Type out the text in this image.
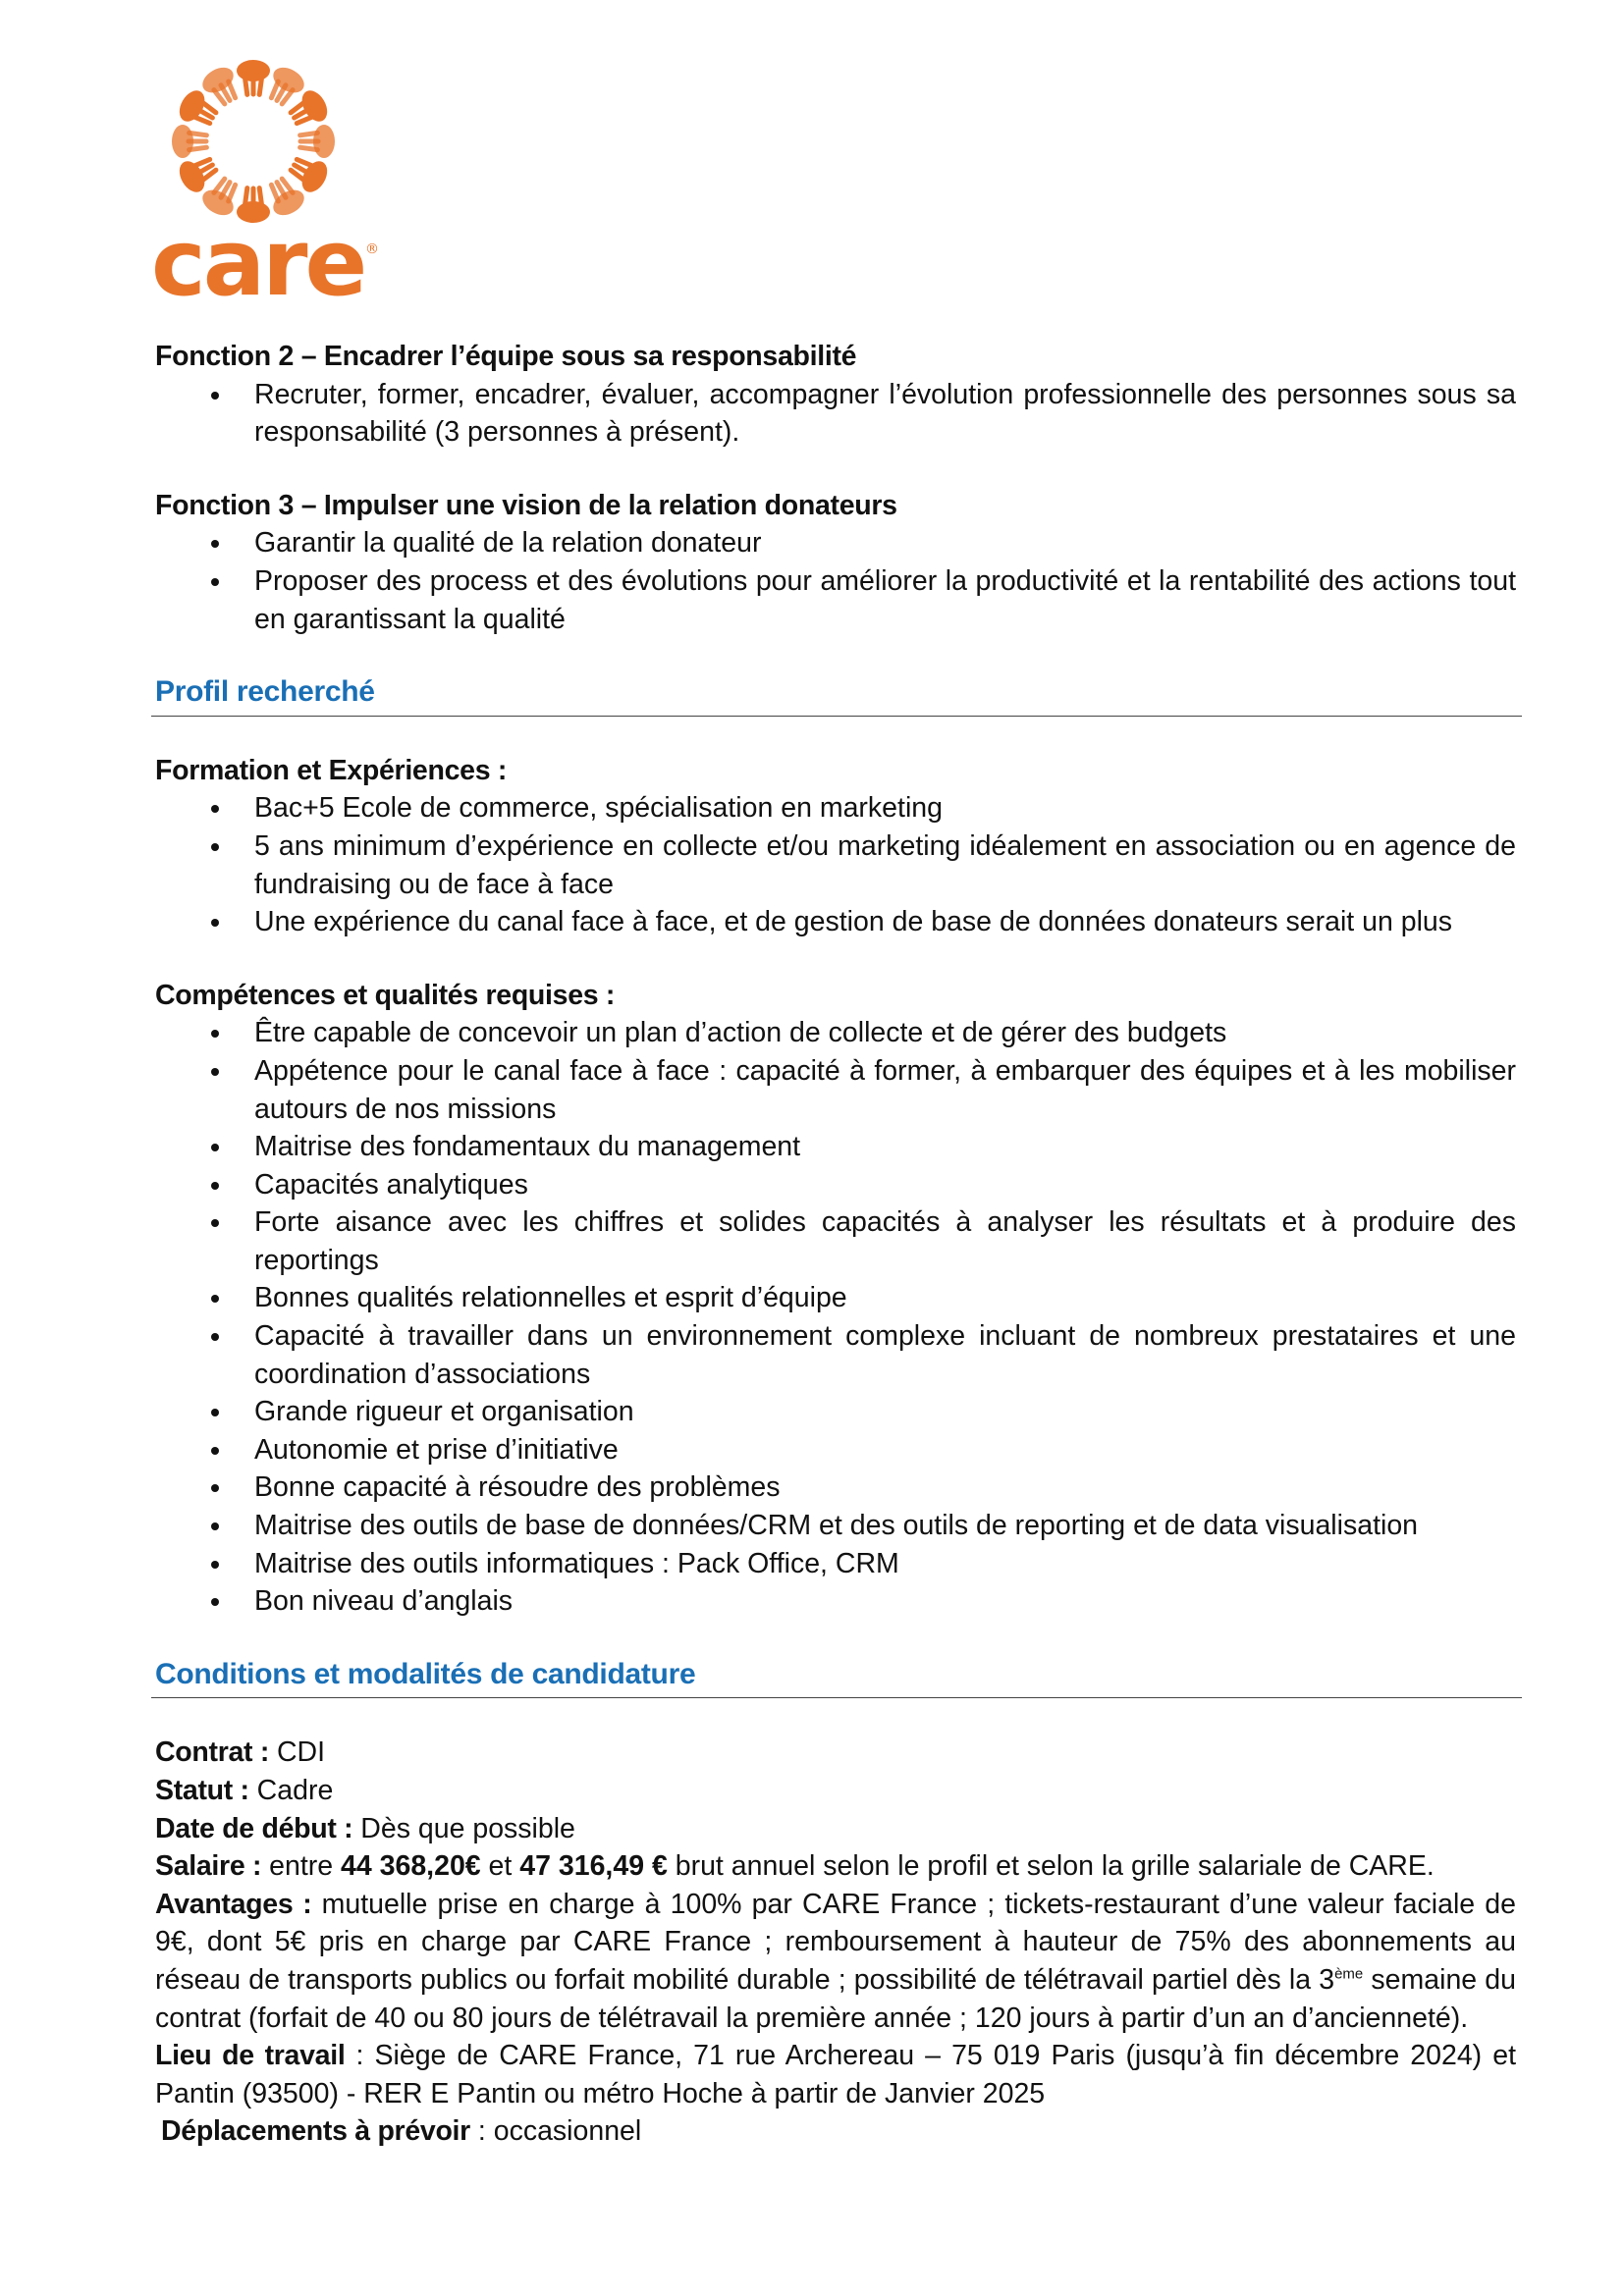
care ®

Fonction 2 – Encadrer l’équipe sous sa responsabilité

Recruter, former, encadrer, évaluer, accompagner l’évolution professionnelle des personnes sous sa responsabilité (3 personnes à présent).

Fonction 3 – Impulser une vision de la relation donateurs

Garantir la qualité de la relation donateur
Proposer des process et des évolutions pour améliorer la productivité et la rentabilité des actions tout en garantissant la qualité

Profil recherché

Formation et Expériences :

Bac+5 Ecole de commerce, spécialisation en marketing
5 ans minimum d’expérience en collecte et/ou marketing idéalement en association ou en agence de fundraising ou de face à face
Une expérience du canal face à face, et de gestion de base de données donateurs serait un plus

Compétences et qualités requises :

Être capable de concevoir un plan d’action de collecte et de gérer des budgets
Appétence pour le canal face à face : capacité à former, à embarquer des équipes et à les mobiliser autours de nos missions
Maitrise des fondamentaux du management
Capacités analytiques
Forte aisance avec les chiffres et solides capacités à analyser les résultats et à produire des reportings
Bonnes qualités relationnelles et esprit d’équipe
Capacité à travailler dans un environnement complexe incluant de nombreux prestataires et une coordination d’associations
Grande rigueur et organisation
Autonomie et prise d’initiative
Bonne capacité à résoudre des problèmes
Maitrise des outils de base de données/CRM et des outils de reporting et de data visualisation
Maitrise des outils informatiques : Pack Office, CRM
Bon niveau d’anglais

Conditions et modalités de candidature

Contrat : CDI

Statut : Cadre

Date de début : Dès que possible

Salaire : entre 44 368,20€ et 47 316,49 € brut annuel selon le profil et selon la grille salariale de CARE.

Avantages : mutuelle prise en charge à 100% par CARE France ; tickets-restaurant d’une valeur faciale de 9€, dont 5€ pris en charge par CARE France ; remboursement à hauteur de 75% des abonnements au réseau de transports publics ou forfait mobilité durable ; possibilité de télétravail partiel dès la 3ème semaine du contrat (forfait de 40 ou 80 jours de télétravail la première année ; 120 jours à partir d’un an d’ancienneté).

Lieu de travail : Siège de CARE France, 71 rue Archereau – 75 019 Paris (jusqu’à fin décembre 2024) et Pantin (93500) - RER E Pantin ou métro Hoche à partir de Janvier 2025

Déplacements à prévoir : occasionnel
